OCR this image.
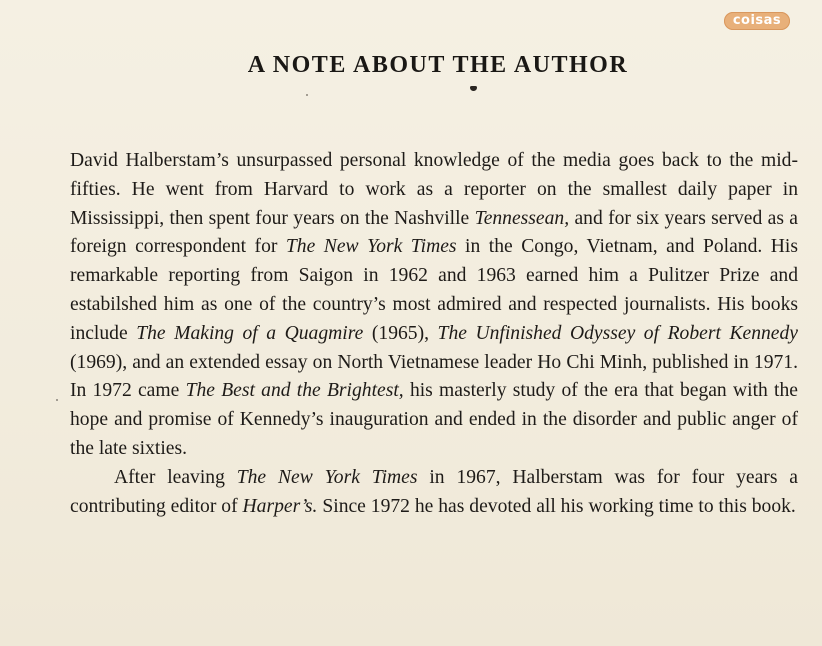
coisas
A NOTE ABOUT THE AUTHOR

David Halberstam’s unsurpassed personal knowledge of the media goes back to the mid-fifties. He went from Harvard to work as a reporter on the smallest daily paper in Mississippi, then spent four years on the Nashville Tennessean, and for six years served as a foreign correspondent for The New York Times in the Congo, Vietnam, and Poland. His remarkable reporting from Saigon in 1962 and 1963 earned him a Pulitzer Prize and estabilshed him as one of the country’s most admired and respected journalists. His books include The Making of a Quagmire (1965), The Unfinished Odyssey of Robert Kennedy (1969), and an extended essay on North Vietnamese leader Ho Chi Minh, published in 1971. In 1972 came The Best and the Brightest, his masterly study of the era that began with the hope and promise of Kennedy’s inauguration and ended in the disorder and public anger of the late sixties.

After leaving The New York Times in 1967, Halberstam was for four years a contributing editor of Harper’s. Since 1972 he has devoted all his working time to this book.
